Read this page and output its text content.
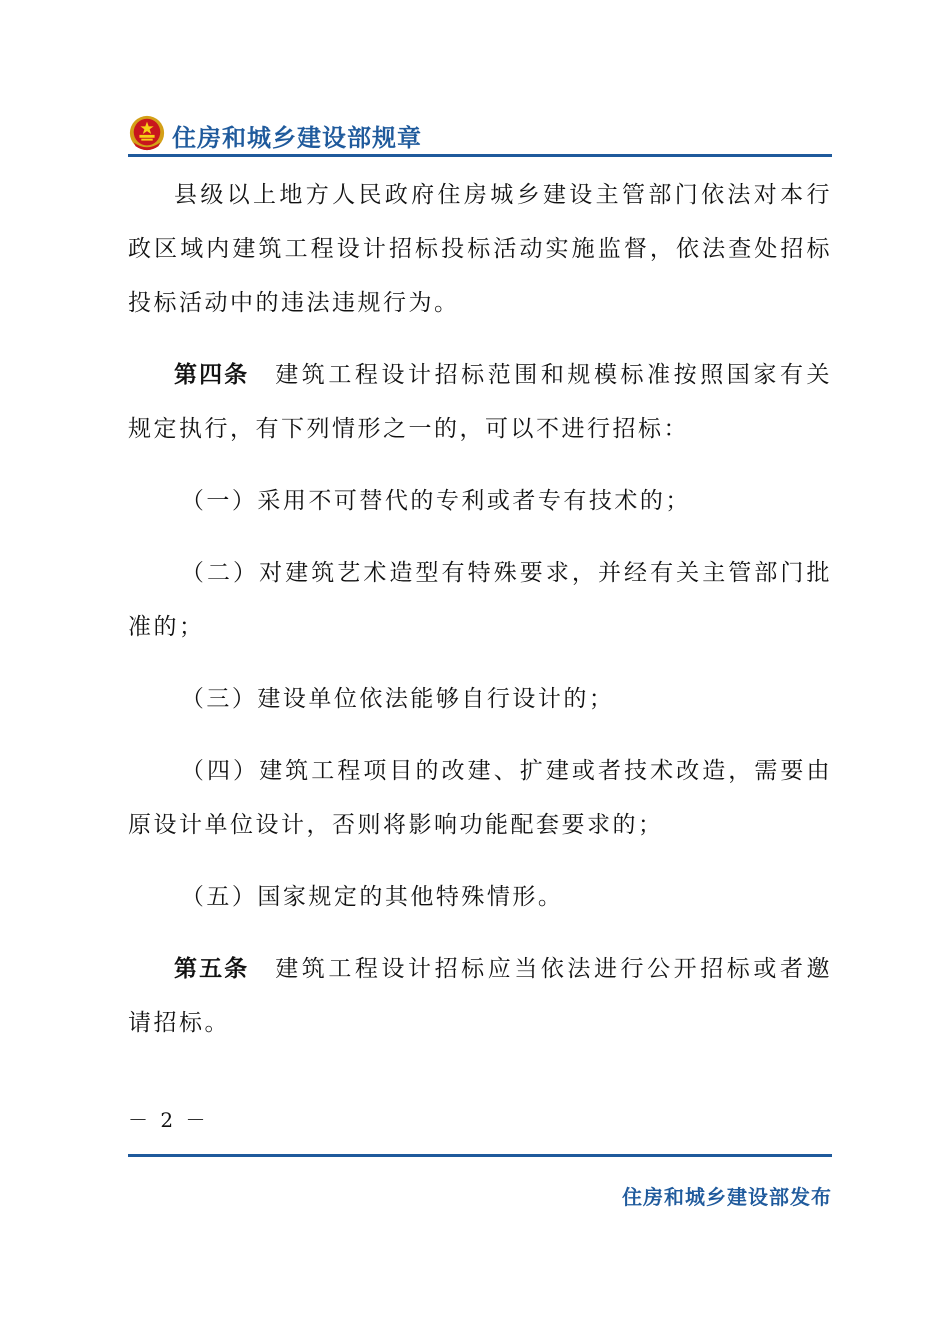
住房和城乡建设部规章

县级以上地方人民政府住房城乡建设主管部门依法对本行政区域内建筑工程设计招标投标活动实施监督，依法查处招标投标活动中的违法违规行为。

第四条 建筑工程设计招标范围和规模标准按照国家有关规定执行，有下列情形之一的，可以不进行招标：

（一）采用不可替代的专利或者专有技术的；

（二）对建筑艺术造型有特殊要求，并经有关主管部门批准的；

（三）建设单位依法能够自行设计的；

（四）建筑工程项目的改建、扩建或者技术改造，需要由原设计单位设计，否则将影响功能配套要求的；

（五）国家规定的其他特殊情形。

第五条 建筑工程设计招标应当依法进行公开招标或者邀请招标。

－ 2 －
住房和城乡建设部发布
